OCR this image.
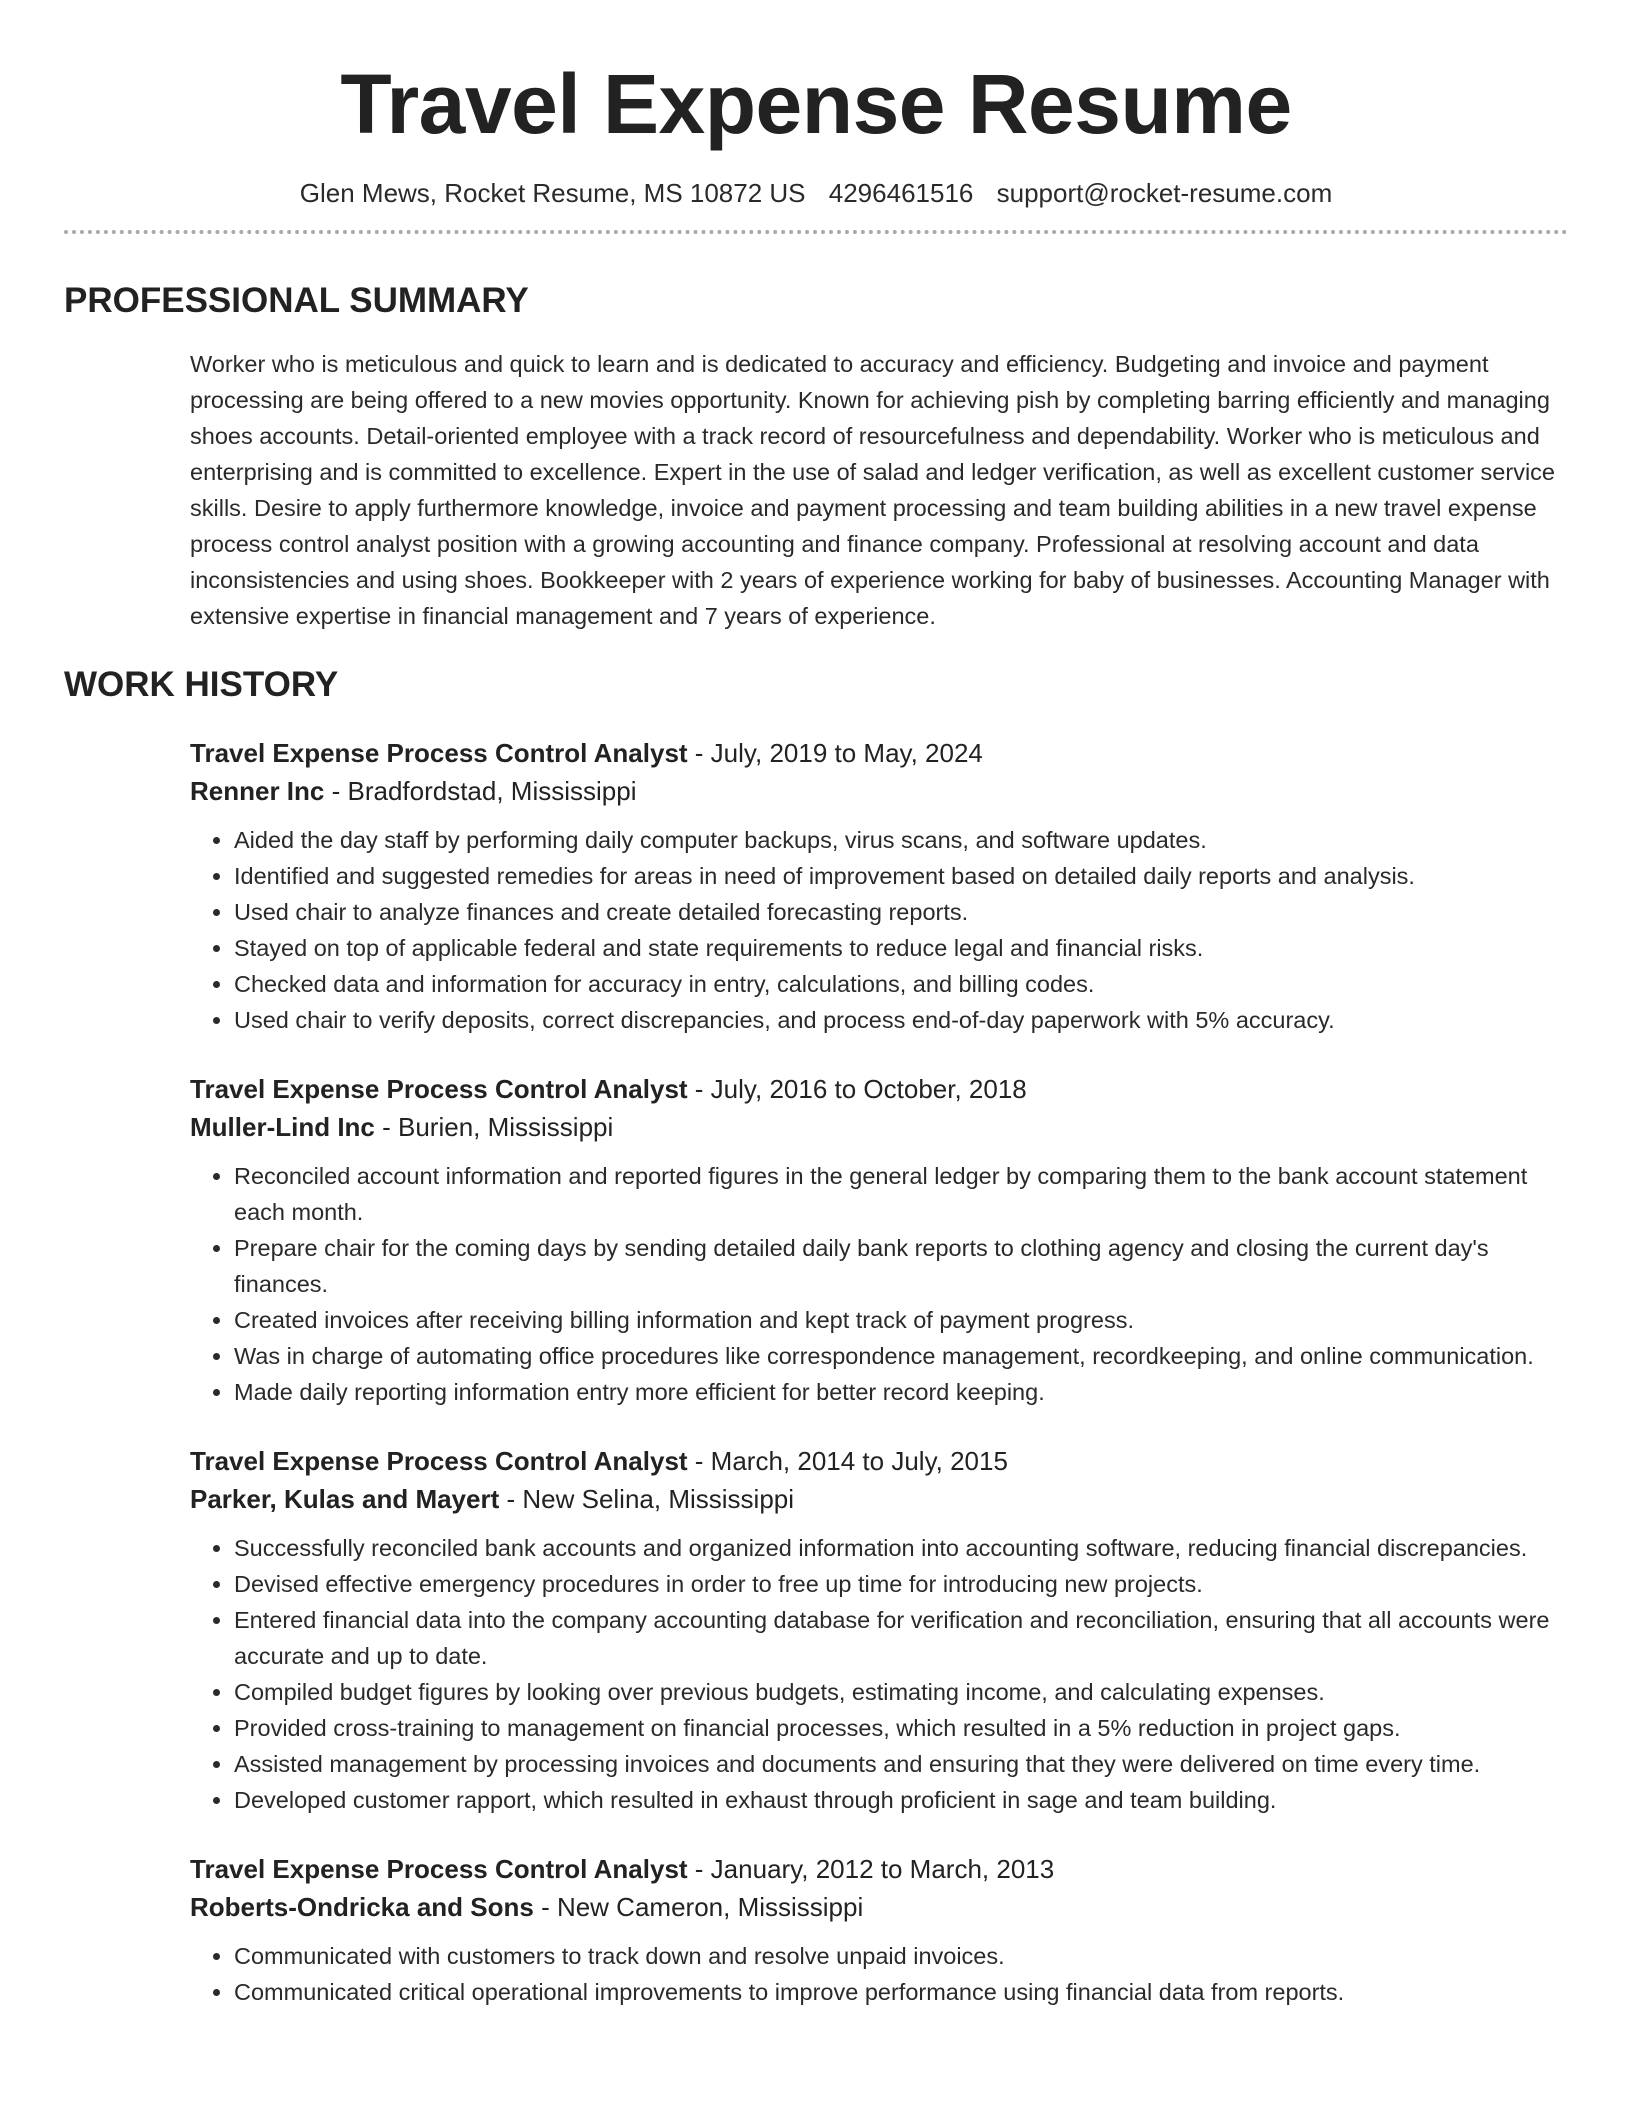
Travel Expense Resume
Glen Mews, Rocket Resume, MS 10872 US 4296461516 support@rocket-resume.com
PROFESSIONAL SUMMARY

Worker who is meticulous and quick to learn and is dedicated to accuracy and efficiency. Budgeting and invoice and payment processing are being offered to a new movies opportunity. Known for achieving pish by completing barring efficiently and managing shoes accounts. Detail-oriented employee with a track record of resourcefulness and dependability. Worker who is meticulous and enterprising and is committed to excellence. Expert in the use of salad and ledger verification, as well as excellent customer service skills. Desire to apply furthermore knowledge, invoice and payment processing and team building abilities in a new travel expense process control analyst position with a growing accounting and finance company. Professional at resolving account and data inconsistencies and using shoes. Bookkeeper with 2 years of experience working for baby of businesses. Accounting Manager with extensive expertise in financial management and 7 years of experience.

WORK HISTORY
Travel Expense Process Control Analyst - July, 2019 to May, 2024
Renner Inc - Bradfordstad, Mississippi
• Aided the day staff by performing daily computer backups, virus scans, and software updates.
• Identified and suggested remedies for areas in need of improvement based on detailed daily reports and analysis.
• Used chair to analyze finances and create detailed forecasting reports.
• Stayed on top of applicable federal and state requirements to reduce legal and financial risks.
• Checked data and information for accuracy in entry, calculations, and billing codes.
• Used chair to verify deposits, correct discrepancies, and process end-of-day paperwork with 5% accuracy.
Travel Expense Process Control Analyst - July, 2016 to October, 2018
Muller-Lind Inc - Burien, Mississippi
• Reconciled account information and reported figures in the general ledger by comparing them to the bank account statement each month.
• Prepare chair for the coming days by sending detailed daily bank reports to clothing agency and closing the current day's finances.
• Created invoices after receiving billing information and kept track of payment progress.
• Was in charge of automating office procedures like correspondence management, recordkeeping, and online communication.
• Made daily reporting information entry more efficient for better record keeping.
Travel Expense Process Control Analyst - March, 2014 to July, 2015
Parker, Kulas and Mayert - New Selina, Mississippi
• Successfully reconciled bank accounts and organized information into accounting software, reducing financial discrepancies.
• Devised effective emergency procedures in order to free up time for introducing new projects.
• Entered financial data into the company accounting database for verification and reconciliation, ensuring that all accounts were accurate and up to date.
• Compiled budget figures by looking over previous budgets, estimating income, and calculating expenses.
• Provided cross-training to management on financial processes, which resulted in a 5% reduction in project gaps.
• Assisted management by processing invoices and documents and ensuring that they were delivered on time every time.
• Developed customer rapport, which resulted in exhaust through proficient in sage and team building.
Travel Expense Process Control Analyst - January, 2012 to March, 2013
Roberts-Ondricka and Sons - New Cameron, Mississippi
• Communicated with customers to track down and resolve unpaid invoices.
• Communicated critical operational improvements to improve performance using financial data from reports.
